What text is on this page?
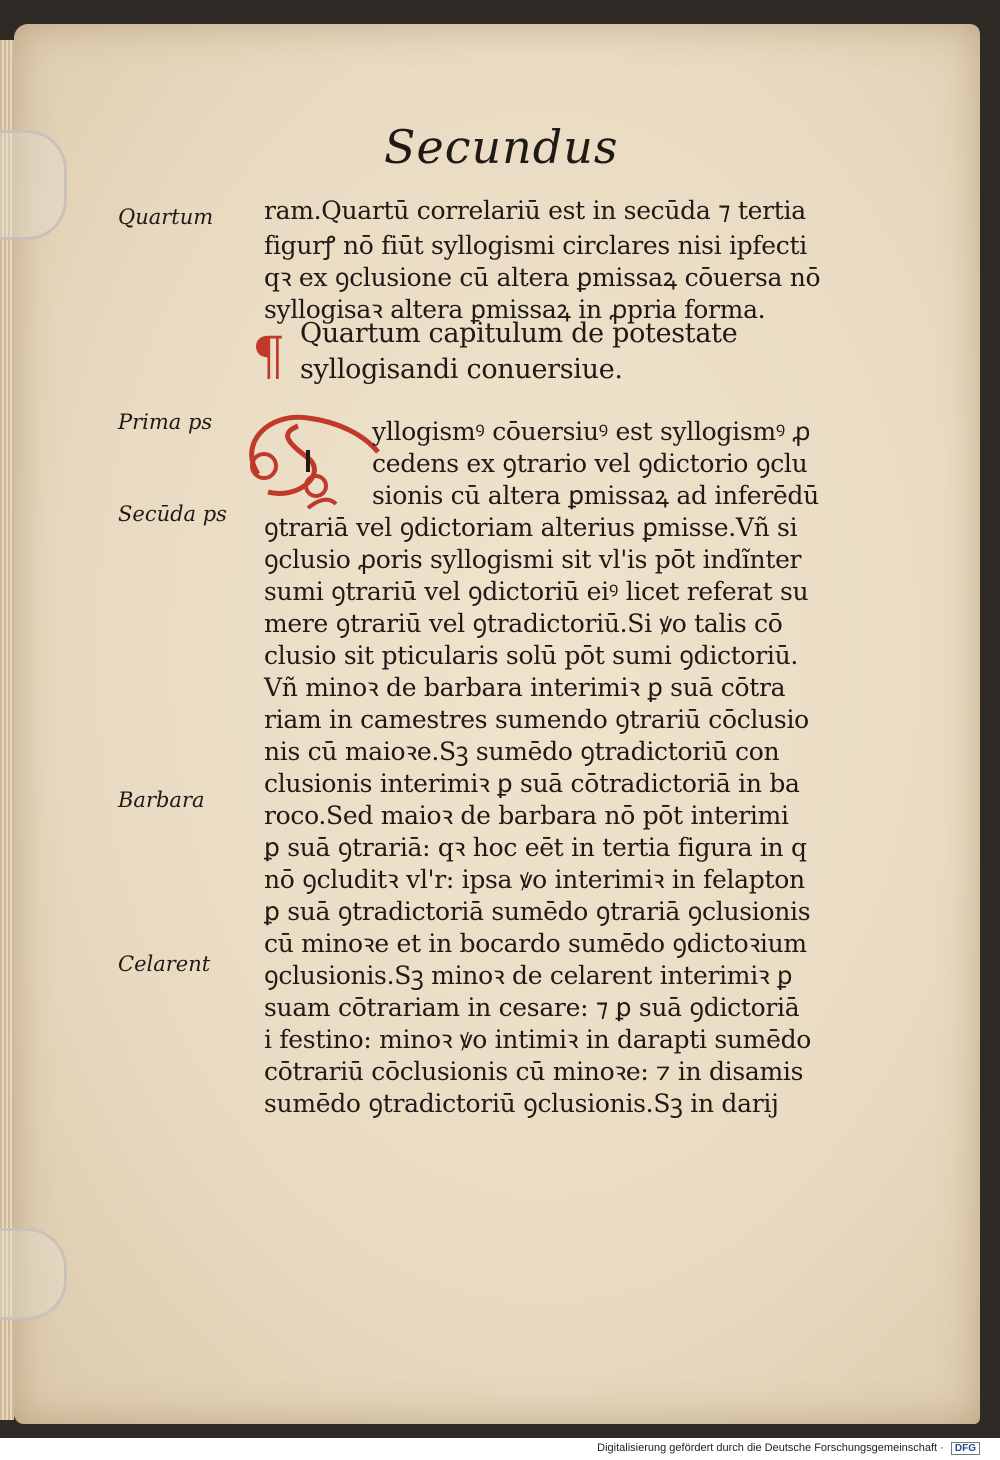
Secundus
Quartum
Prima ps
Secūda ps
Barbara
Celarent
ram.Quartū correlariū est in secūda ⁊ tertia
figurꝭ nō fiūt syllogismi circlares nisi ipfecti
qꝛ ex ꝯclusione cū altera ꝑmissaꝝ cōuersa nō
syllogisaꝛ altera ꝑmissaꝝ in ꝓpria forma.
¶ Quartum capitulum de potestate
syllogisandi conuersiue.
yllogismꝰ cōuersiuꝰ est syllogismꝰ ꝓ
cedens ex ꝯtrario vel ꝯdictorio ꝯclu
sionis cū altera ꝑmissaꝝ ad inferēdū
ꝯtrariā vel ꝯdictoriam alterius ꝑmisse.Vñ si
ꝯclusio ꝓoris syllogismi sit vl'is pōt indĩnter
sumi ꝯtrariū vel ꝯdictoriū eiꝰ licet referat su
mere ꝯtrariū vel ꝯtradictoriū.Si ꝟo talis cō
clusio sit pticularis solū pōt sumi ꝯdictoriū.
Vñ minoꝛ de barbara interimiꝛ ꝑ suā cōtra
riam in camestres sumendo ꝯtrariū cōclusio
nis cū maioꝛe.Sꝫ sumēdo ꝯtradictoriū con
clusionis interimiꝛ ꝑ suā cōtradictoriā in ba
roco.Sed maioꝛ de barbara nō pōt interimi
ꝑ suā ꝯtrariā: qꝛ hoc eēt in tertia figura in q
nō ꝯcluditꝛ vl'r: ipsa ꝟo interimiꝛ in felapton
ꝑ suā ꝯtradictoriā sumēdo ꝯtrariā ꝯclusionis
cū minoꝛe et in bocardo sumēdo ꝯdictoꝛium
ꝯclusionis.Sꝫ minoꝛ de celarent interimiꝛ ꝑ
suam cōtrariam in cesare: ⁊ ꝑ suā ꝯdictoriā
i festino: minoꝛ ꝟo intimiꝛ in darapti sumēdo
cōtrariū cōclusionis cū minoꝛe: ⁊ in disamis
sumēdo ꝯtradictoriū ꝯclusionis.Sꝫ in darij
Digitalisierung gefördert durch die Deutsche Forschungsgemeinschaft · DFG
